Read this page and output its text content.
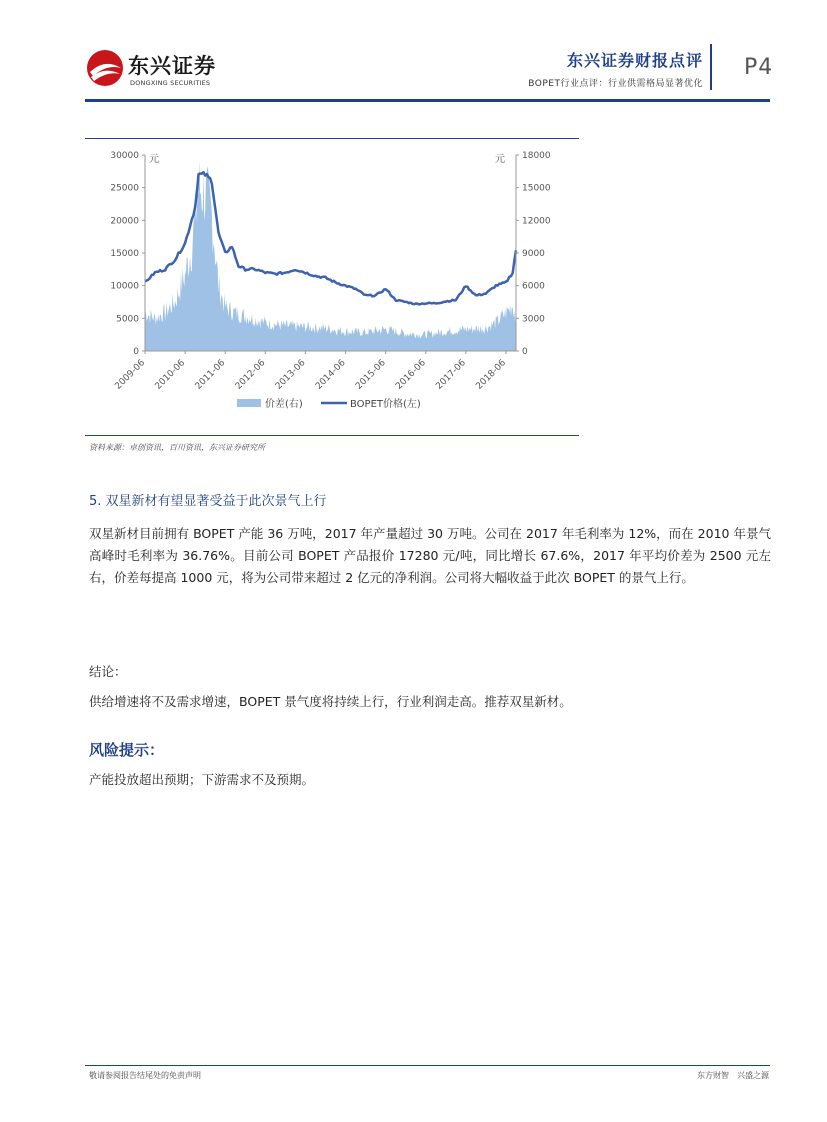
东兴证券
DONGXING SECURITIES
东兴证券财报点评
BOPET行业点评：行业供需格局显著优化
P4
30000
25000
20000
15000
10000
5000
0
18000
15000
12000
9000
6000
3000
0
2009-06 2010-06 2011-06 2012-06 2013-06 2014-06 2015-06 2016-06 2017-06 2018-06
元	元
价差(右)	BOPET价格(左)
资料来源：卓创资讯，百川资讯，东兴证券研究所
5. 双星新材有望显著受益于此次景气上行
双星新材目前拥有 BOPET 产能 36 万吨，2017 年产量超过 30 万吨。公司在 2017 年毛利率为 12%，而在 2010 年景气高峰时毛利率为 36.76%。目前公司 BOPET 产品报价 17280 元/吨，同比增长 67.6%，2017 年平均价差为 2500 元左右，价差每提高 1000 元，将为公司带来超过 2 亿元的净利润。公司将大幅收益于此次 BOPET 的景气上行。
结论：
供给增速将不及需求增速，BOPET 景气度将持续上行，行业利润走高。推荐双星新材。
风险提示：
产能投放超出预期；下游需求不及预期。
敬请参阅报告结尾处的免责声明	东方财智　兴盛之源
